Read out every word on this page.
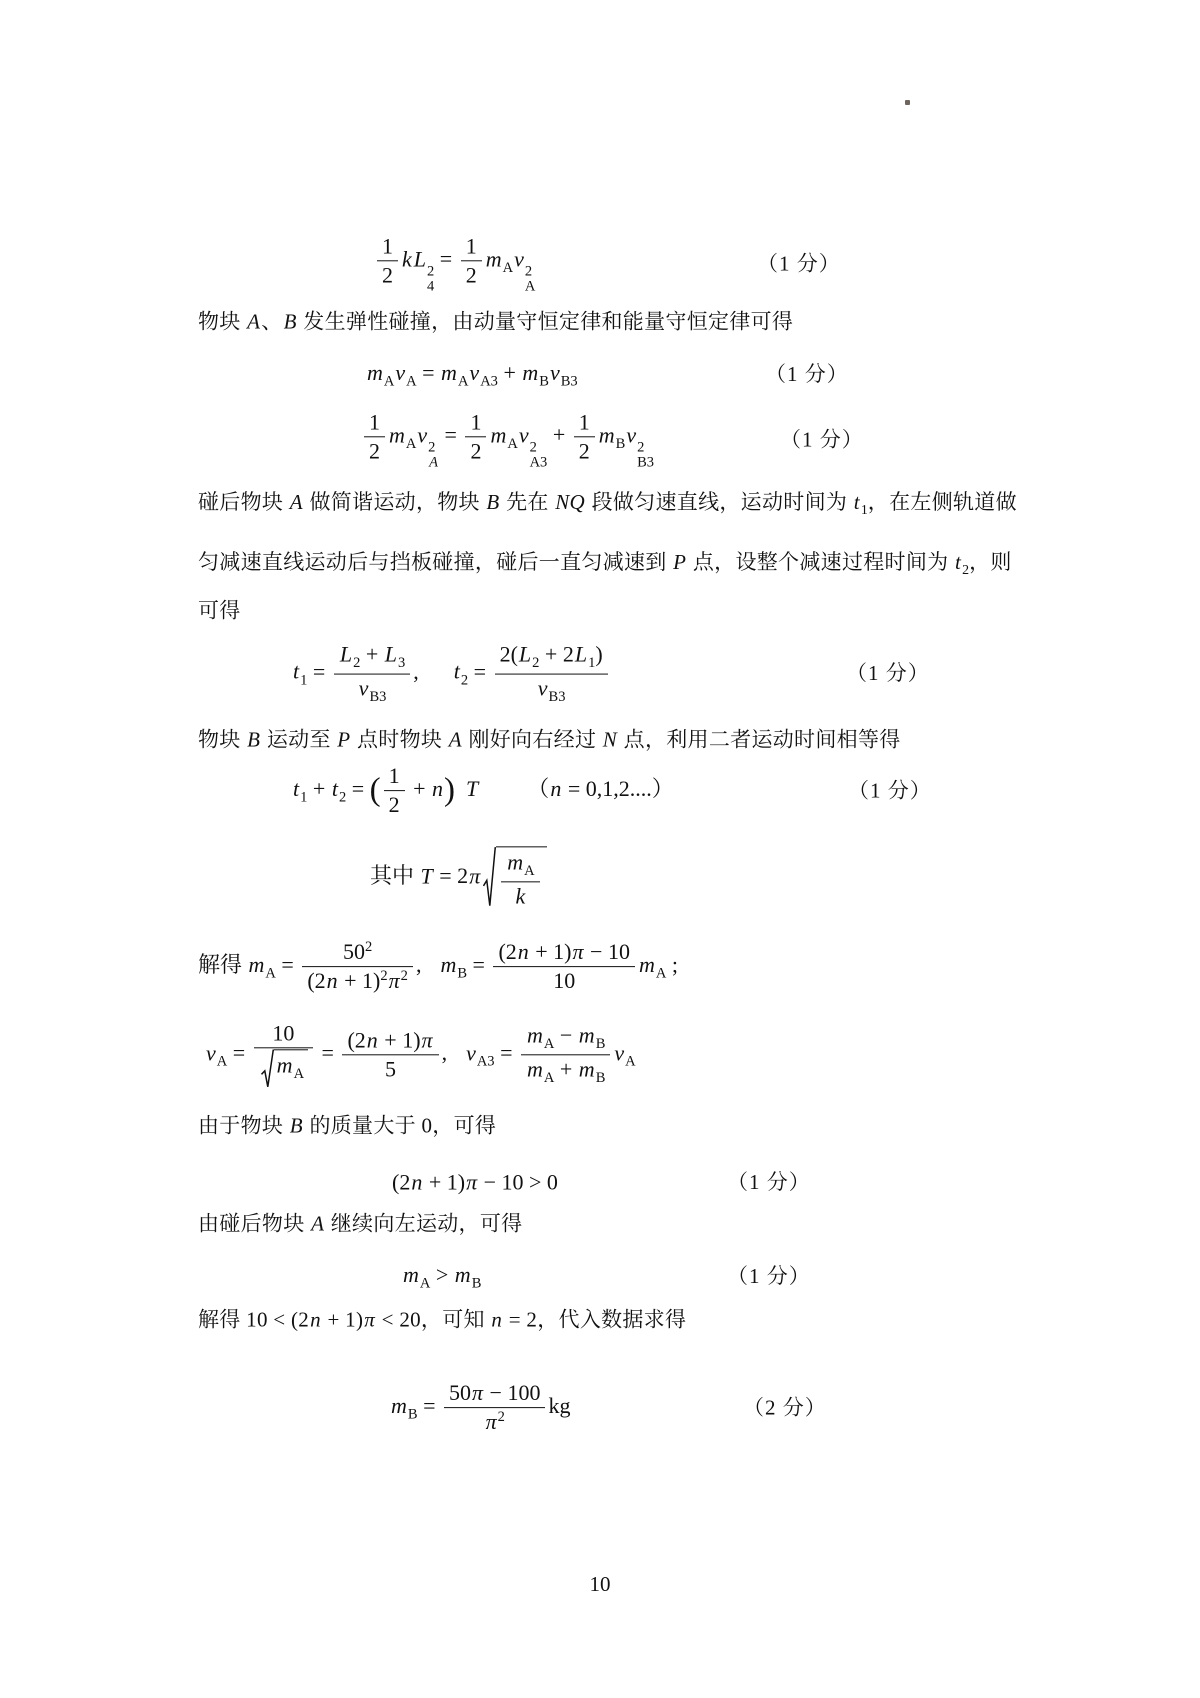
$\frac{1}{2}$ kL 2
4
= $\frac{1}{2} m_Av$ 2
A
（1 分）
物块 A、B 发生弹性碰撞，由动量守恒定律和能量守恒定律可得
$m_Av_A = m_Av_{A3} + m_Bv_{B3}$	（1 分）
$\frac{1}{2} m_Av$ 2
A
= $\frac{1}{2} m_Av$ 2
A3
+ $\frac{1}{2} m_Bv$ 2
B3
（1 分）
碰后物块 A 做简谐运动，物块 B 先在 NQ 段做匀速直线，运动时间为 $t_1$，在左侧轨道做
匀减速直线运动后与挡板碰撞，碰后一直匀减速到 P 点，设整个减速过程时间为 $t_2$，则
可得
$t_1 = \frac{L_2 + L_3}{v_{B3}}$ , $t_2 = \frac{2(L_2 + 2L_1)}{v_{B3}}$	（1 分）
物块 B 运动至 P 点时物块 A 刚好向右经过 N 点，利用二者运动时间相等得
$t_1 + t_2$ = ( $\frac{1}{2} + n$) T （n = 0,1,2....）	（1 分）
其中 $T = 2\pi \frac{m_A}{k}$
解得 $m_A = \frac{50^2}{(2n + 1)^2\pi^2}$ , $m_B = \frac{(2n + 1)\pi - 10}{10} m_A$ ;
$v_A = \frac{10}{m_A} = \frac{(2n + 1)\pi}{5}$ , $v_{A3} = \frac{m_A - m_B}{m_A + m_B} v_A$
由于物块 B 的质量大于 0，可得
(2n + 1)π − 10 > 0	（1 分）
由碰后物块 A 继续向左运动，可得
$m_A > m_B$	（1 分）
解得 10 < (2n + 1)π < 20，可知 n = 2，代入数据求得
$m_B = \frac{50\pi - 100}{\pi^2}$ kg	（2 分）
10
